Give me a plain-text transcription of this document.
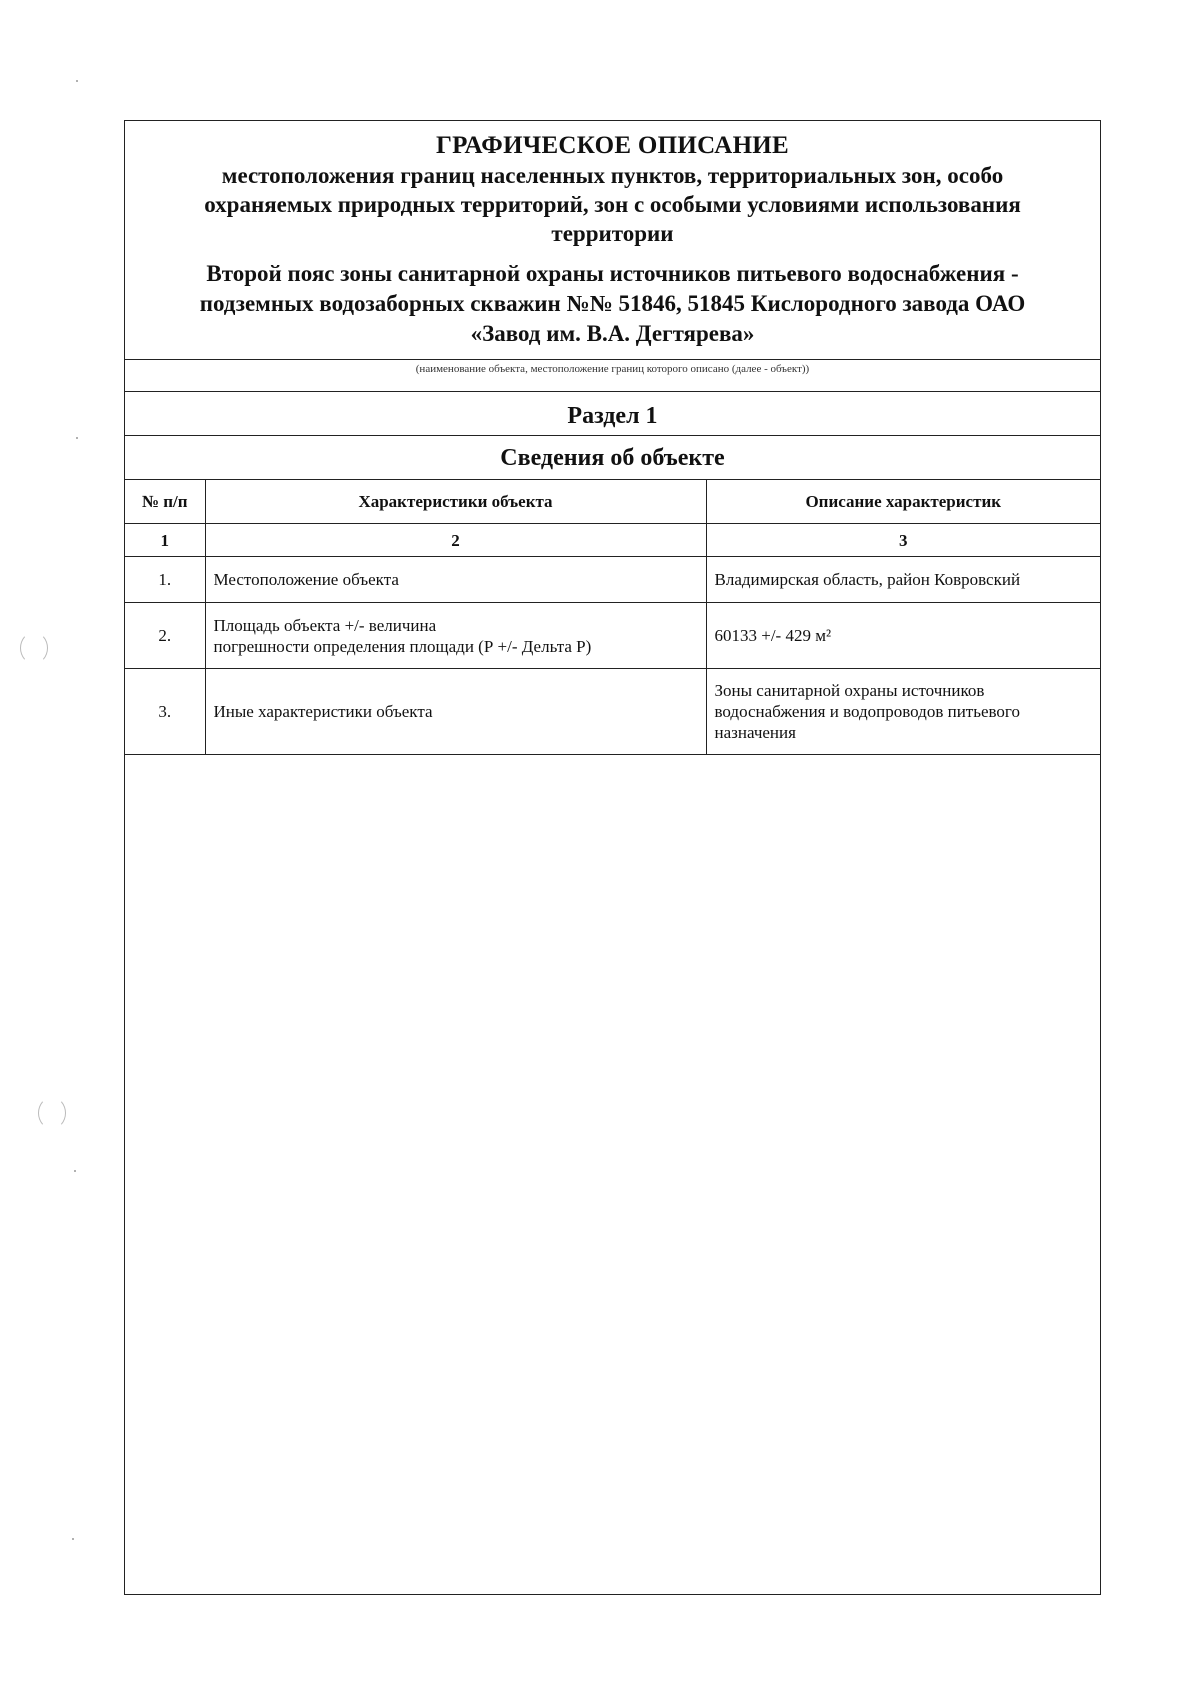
ГРАФИЧЕСКОЕ ОПИСАНИЕ
местоположения границ населенных пунктов, территориальных зон, особо
охраняемых природных территорий, зон с особыми условиями использования
территории
Второй пояс зоны санитарной охраны источников питьевого водоснабжения -
подземных водозаборных скважин №№ 51846, 51845 Кислородного завода ОАО
«Завод им. В.А. Дегтярева»
(наименование объекта, местоположение границ которого описано (далее - объект))
Раздел 1
Сведения об объекте
№ п/п	Характеристики объекта	Описание характеристик
1	2	3
1.	Местоположение объекта	Владимирская область, район Ковровский

2.	Площадь объекта +/- величина
погрешности определения площади (Р +/- Дельта Р)	60133 +/- 429 м²

3.	Иные характеристики объекта	Зоны санитарной охраны источников
водоснабжения и водопроводов питьевого
назначения
